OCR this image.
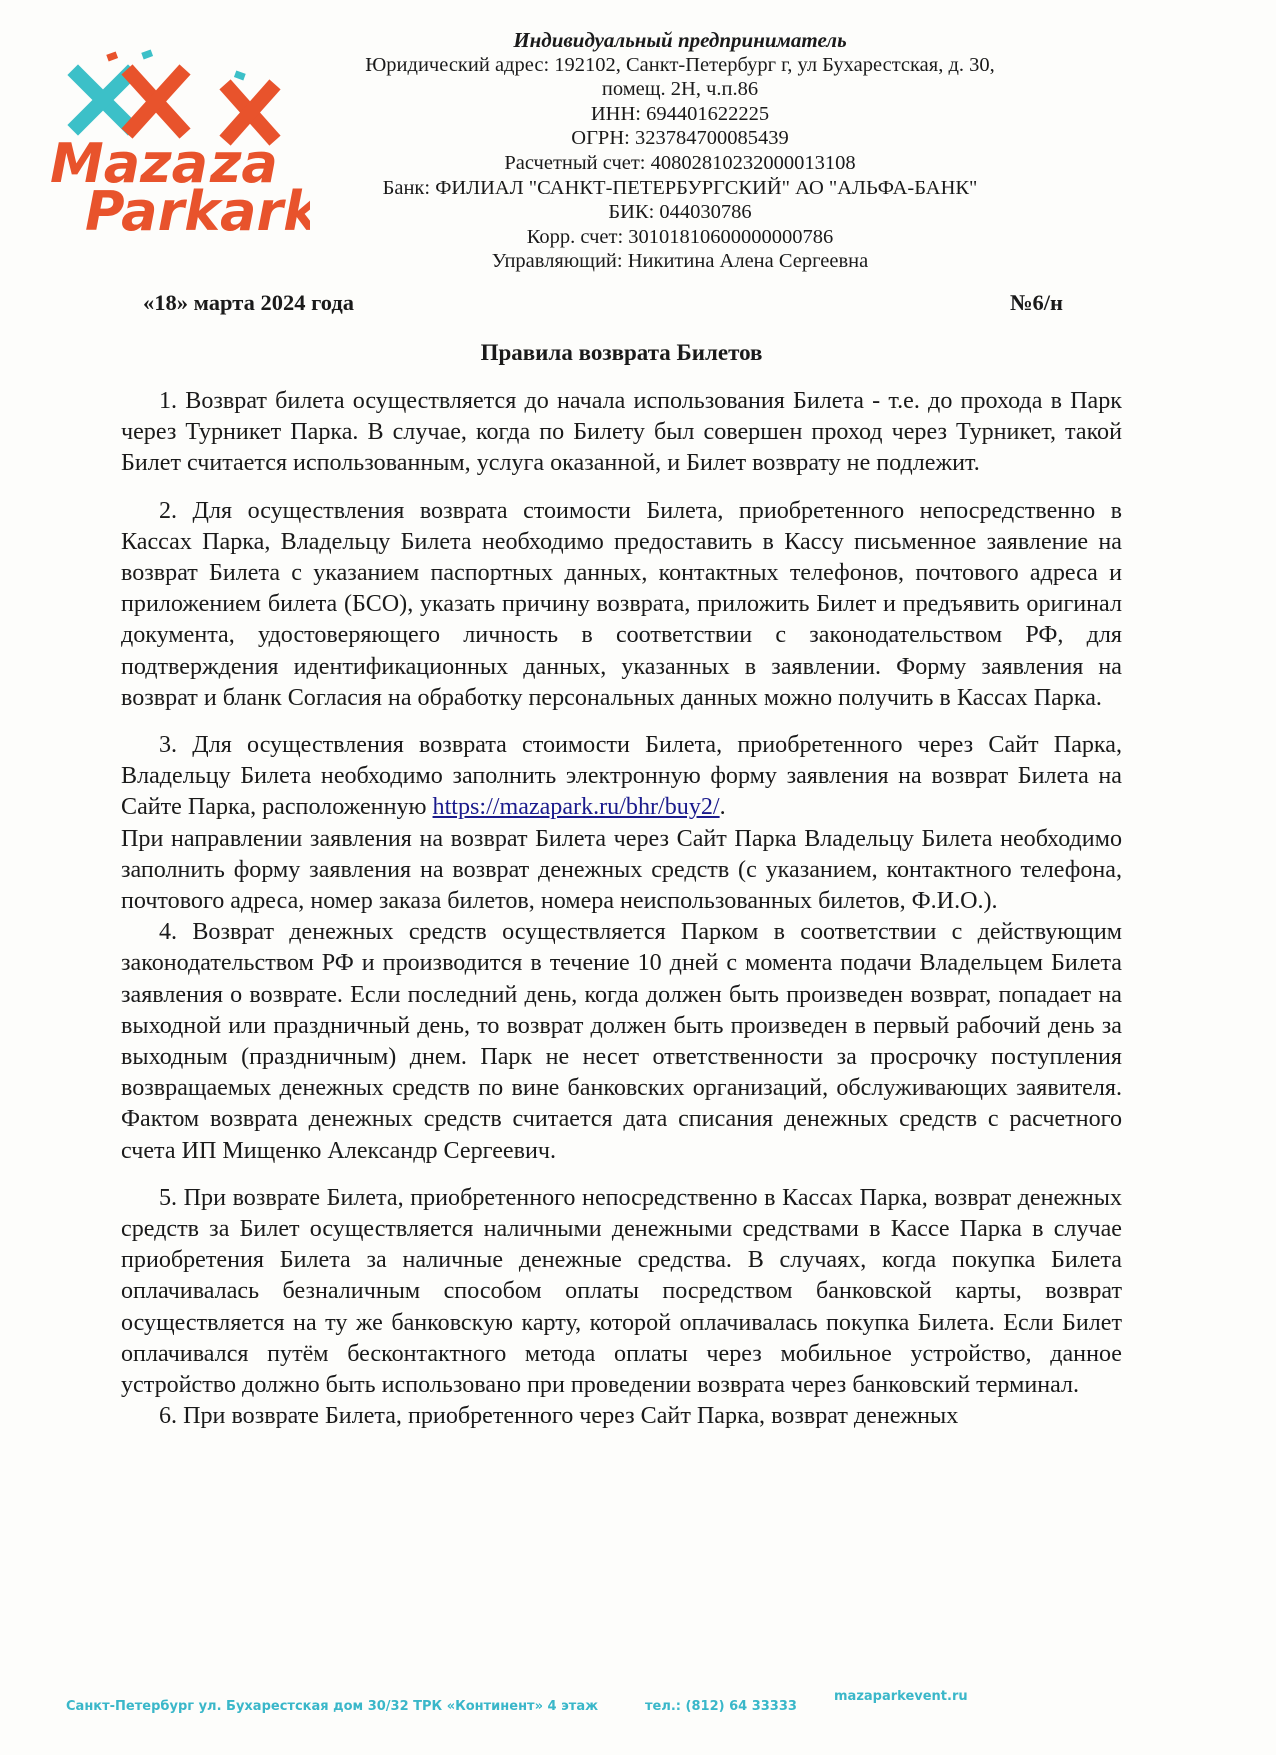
Maza za
Park ark
Индивидуальный предприниматель
Юридический адрес: 192102, Санкт-Петербург г, ул Бухарестская, д. 30,
помещ. 2Н, ч.п.86
ИНН: 694401622225
ОГРН: 323784700085439
Расчетный счет: 40802810232000013108
Банк: ФИЛИАЛ "САНКТ-ПЕТЕРБУРГСКИЙ" АО "АЛЬФА-БАНК"
БИК: 044030786
Корр. счет: 30101810600000000786
Управляющий: Никитина Алена Сергеевна
«18» марта 2024 года	№6/н
Правила возврата Билетов

1. Возврат билета осуществляется до начала использования Билета - т.е. до прохода в Парк через Турникет Парка. В случае, когда по Билету был совершен проход через Турникет, такой Билет считается использованным, услуга оказанной, и Билет возврату не подлежит.

2. Для осуществления возврата стоимости Билета, приобретенного непосредственно в Кассах Парка, Владельцу Билета необходимо предоставить в Кассу письменное заявление на возврат Билета с указанием паспортных данных, контактных телефонов, почтового адреса и приложением билета (БСО), указать причину возврата, приложить Билет и предъявить оригинал документа, удостоверяющего личность в соответствии с законодательством РФ, для подтверждения идентификационных данных, указанных в заявлении. Форму заявления на возврат и бланк Согласия на обработку персональных данных можно получить в Кассах Парка.

3. Для осуществления возврата стоимости Билета, приобретенного через Сайт Парка, Владельцу Билета необходимо заполнить электронную форму заявления на возврат Билета на Сайте Парка, расположенную https://mazapark.ru/bhr/buy2/.

При направлении заявления на возврат Билета через Сайт Парка Владельцу Билета необходимо заполнить форму заявления на возврат денежных средств (с указанием, контактного телефона, почтового адреса, номер заказа билетов, номера неиспользованных билетов, Ф.И.О.).

4. Возврат денежных средств осуществляется Парком в соответствии с действующим законодательством РФ и производится в течение 10 дней с момента подачи Владельцем Билета заявления о возврате. Если последний день, когда должен быть произведен возврат, попадает на выходной или праздничный день, то возврат должен быть произведен в первый рабочий день за выходным (праздничным) днем. Парк не несет ответственности за просрочку поступления возвращаемых денежных средств по вине банковских организаций, обслуживающих заявителя. Фактом возврата денежных средств считается дата списания денежных средств с расчетного счета ИП Мищенко Александр Сергеевич.

5. При возврате Билета, приобретенного непосредственно в Кассах Парка, возврат денежных средств за Билет осуществляется наличными денежными средствами в Кассе Парка в случае приобретения Билета за наличные денежные средства. В случаях, когда покупка Билета оплачивалась безналичным способом оплаты посредством банковской карты, возврат осуществляется на ту же банковскую карту, которой оплачивалась покупка Билета. Если Билет оплачивался путём бесконтактного метода оплаты через мобильное устройство, данное устройство должно быть использовано при проведении возврата через банковский терминал.

6. При возврате Билета, приобретенного через Сайт Парка, возврат денежных

Санкт-Петербург ул. Бухарестская дом 30/32 ТРК «Континент» 4 этаж	тел.: (812) 64 33333
mazaparkevent.ru
